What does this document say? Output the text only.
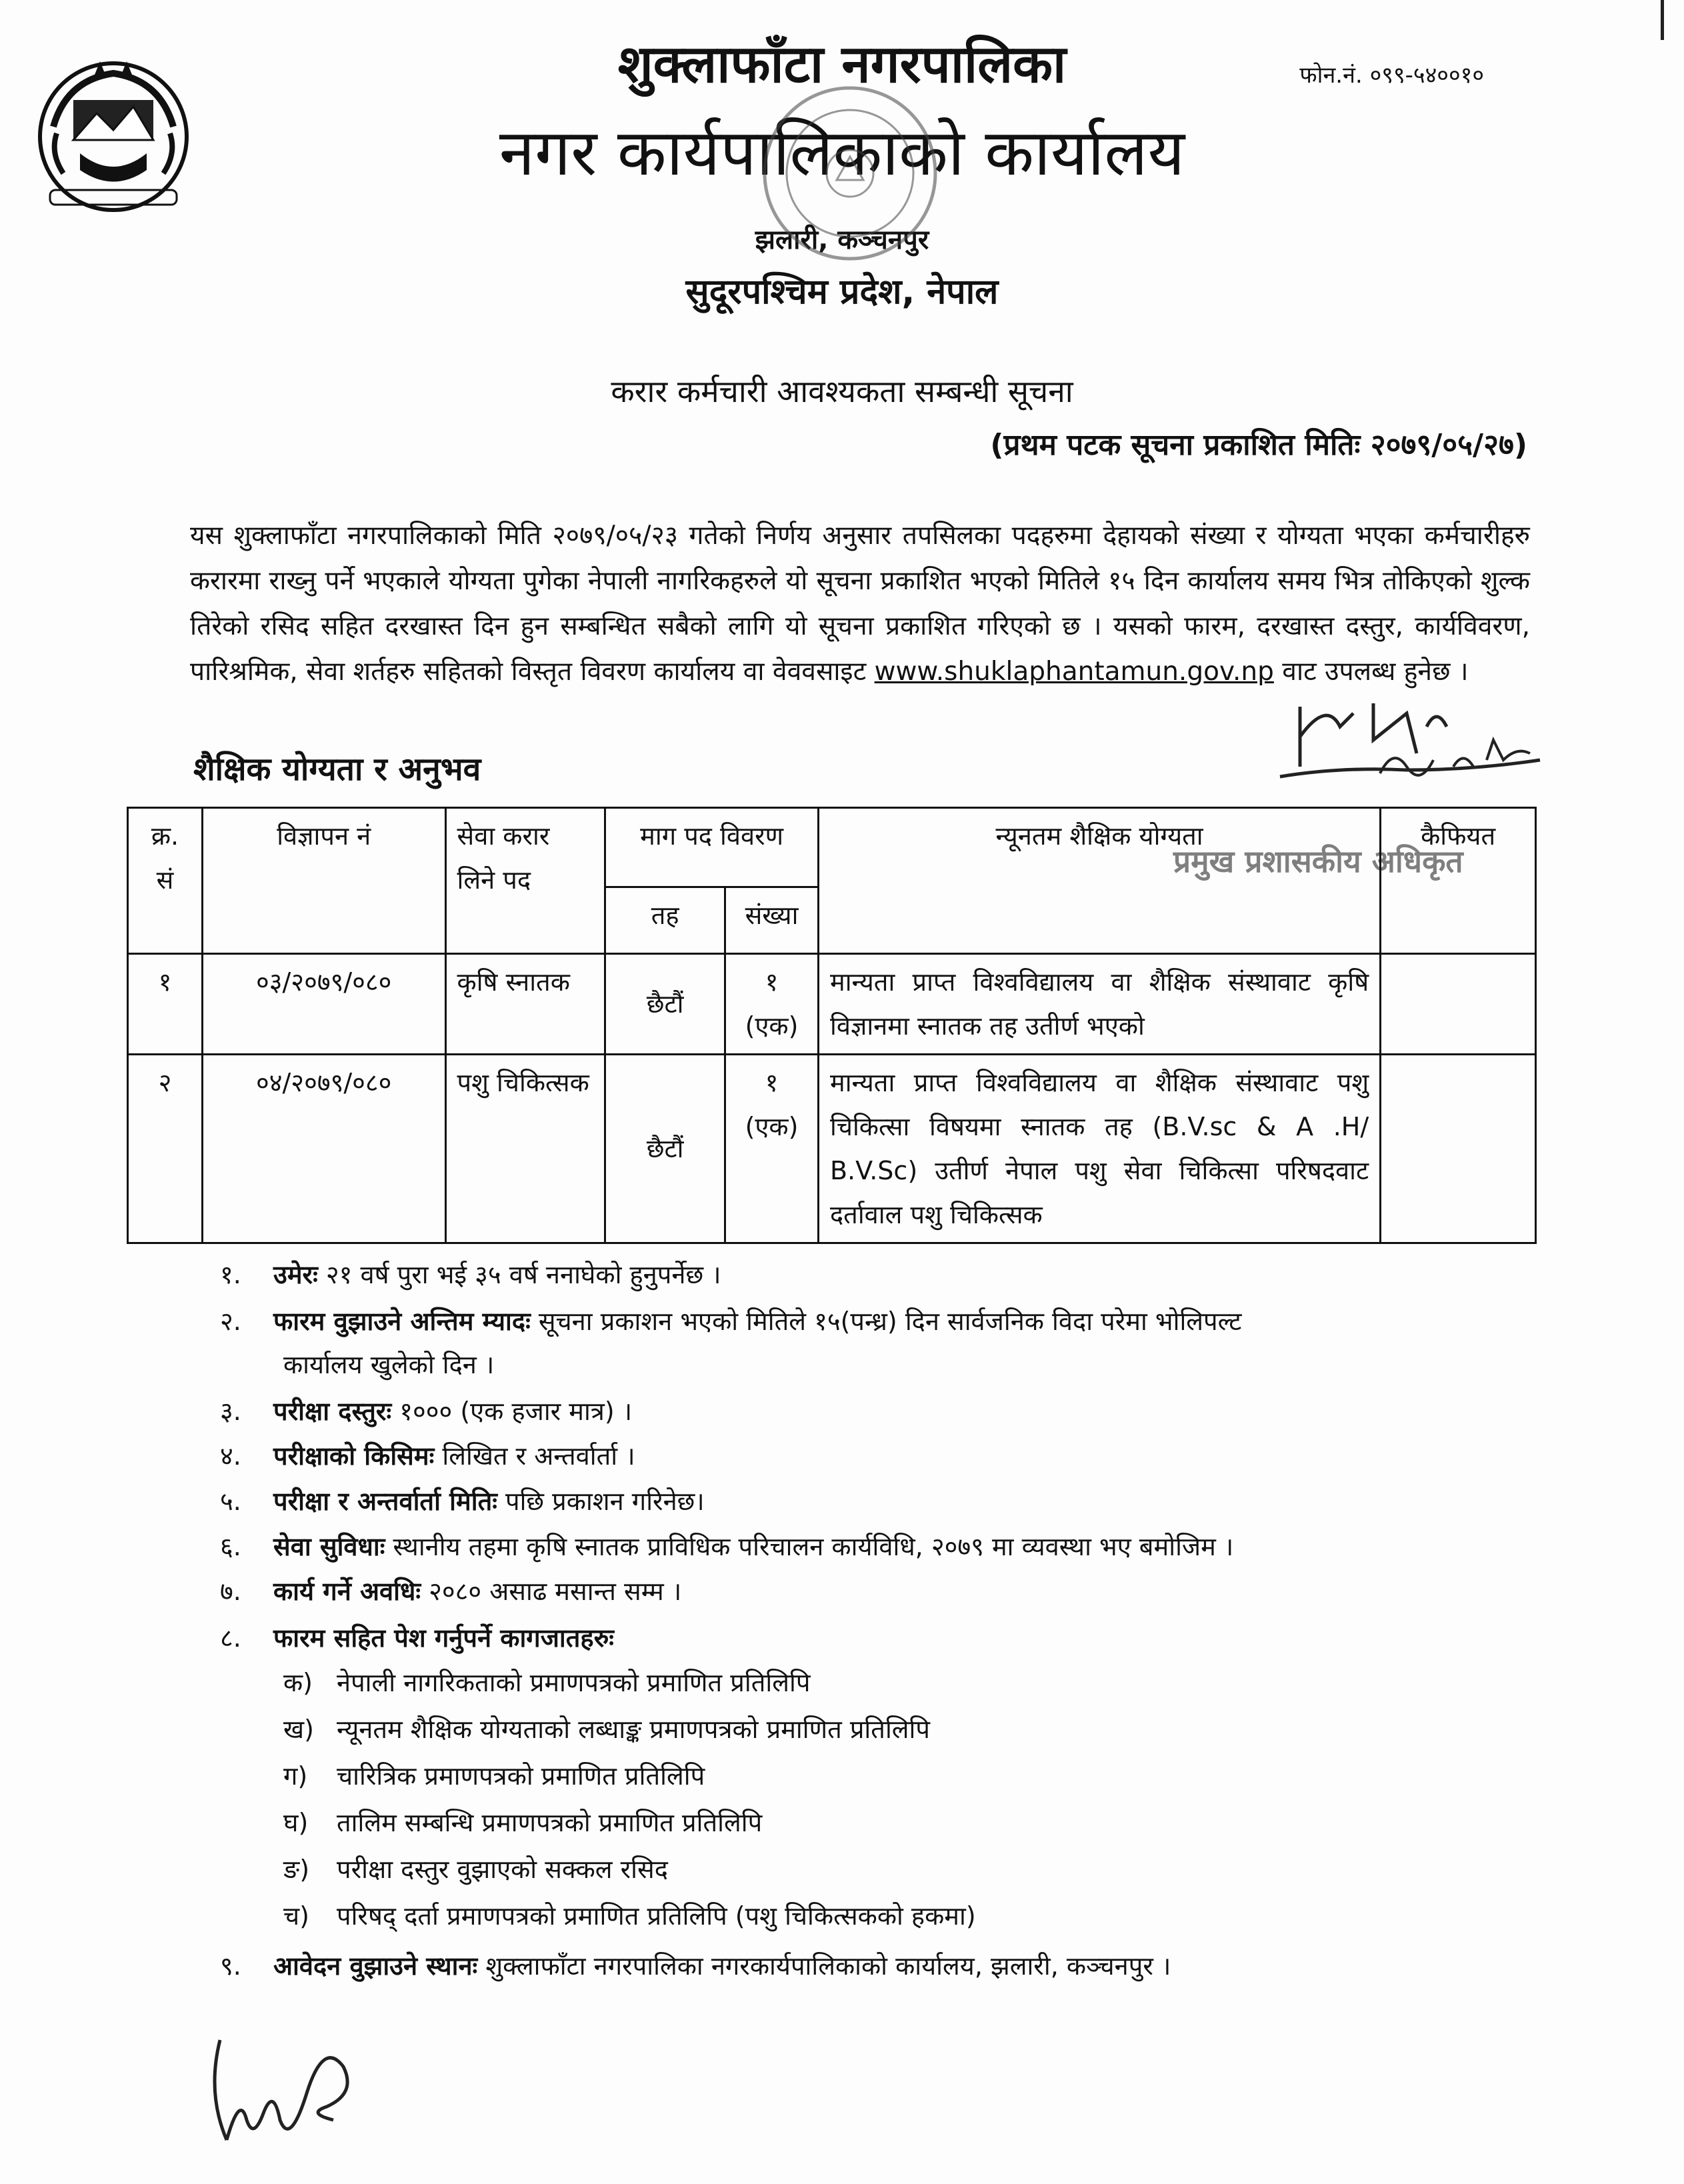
शुक्लाफाँटा नगरपालिका
नगर कार्यपालिकाको कार्यालय
झलारी, कञ्चनपुर
सुदूरपश्चिम प्रदेश, नेपाल
फोन.नं. ०९९-५४००१०
करार कर्मचारी आवश्यकता सम्बन्धी सूचना
(प्रथम पटक सूचना प्रकाशित मितिः २०७९/०५/२७)
यस शुक्लाफाँटा नगरपालिकाको मिति २०७९/०५/२३ गतेको निर्णय अनुसार तपसिलका पदहरुमा देहायको संख्या र योग्यता भएका कर्मचारीहरु करारमा राख्नु पर्ने भएकाले योग्यता पुगेका नेपाली नागरिकहरुले यो सूचना प्रकाशित भएको मितिले १५ दिन कार्यालय समय भित्र तोकिएको शुल्क तिरेको रसिद सहित दरखास्त दिन हुन सम्बन्धित सबैको लागि यो सूचना प्रकाशित गरिएको छ । यसको फारम, दरखास्त दस्तुर, कार्यविवरण, पारिश्रमिक, सेवा शर्तहरु सहितको विस्तृत विवरण कार्यालय वा वेववसाइट www.shuklaphantamun.gov.np वाट उपलब्ध हुनेछ ।
शैक्षिक योग्यता र अनुभव
प्रमुख प्रशासकीय अधिकृत
क्र. सं	विज्ञापन नं	सेवा करार लिने पद	माग पद विवरण		न्यूनतम शैक्षिक योग्यता	कैफियत
			तह	संख्या		
१	०३/२०७९/०८०	कृषि स्नातक	छैटौं	१ (एक)	मान्यता प्राप्त विश्वविद्यालय वा शैक्षिक संस्थावाट कृषि विज्ञानमा स्नातक तह उतीर्ण भएको	
२	०४/२०७९/०८०	पशु चिकित्सक	छैटौं	१ (एक)	मान्यता प्राप्त विश्वविद्यालय वा शैक्षिक संस्थावाट पशु चिकित्सा विषयमा स्नातक तह (B.V.sc & A .H/ B.V.Sc) उतीर्ण नेपाल पशु सेवा चिकित्सा परिषदवाट दर्तावाल पशु चिकित्सक	
१. उमेरः २१ वर्ष पुरा भई ३५ वर्ष ननाघेको हुनुपर्नेछ ।
२. फारम वुझाउने अन्तिम म्यादः सूचना प्रकाशन भएको मितिले १५(पन्ध्र) दिन सार्वजनिक विदा परेमा भोलिपल्ट
कार्यालय खुलेको दिन ।
३. परीक्षा दस्तुरः १००० (एक हजार मात्र) ।
४. परीक्षाको किसिमः लिखित र अन्तर्वार्ता ।
५. परीक्षा र अन्तर्वार्ता मितिः पछि प्रकाशन गरिनेछ।
६. सेवा सुविधाः स्थानीय तहमा कृषि स्नातक प्राविधिक परिचालन कार्यविधि, २०७९ मा व्यवस्था भए बमोजिम ।
७. कार्य गर्ने अवधिः २०८० असाढ मसान्त सम्म ।
८. फारम सहित पेश गर्नुपर्ने कागजातहरुः
क) नेपाली नागरिकताको प्रमाणपत्रको प्रमाणित प्रतिलिपि
ख) न्यूनतम शैक्षिक योग्यताको लब्धाङ्क प्रमाणपत्रको प्रमाणित प्रतिलिपि
ग) चारित्रिक प्रमाणपत्रको प्रमाणित प्रतिलिपि
घ) तालिम सम्बन्धि प्रमाणपत्रको प्रमाणित प्रतिलिपि
ङ) परीक्षा दस्तुर वुझाएको सक्कल रसिद
च) परिषद् दर्ता प्रमाणपत्रको प्रमाणित प्रतिलिपि (पशु चिकित्सकको हकमा)
९. आवेदन वुझाउने स्थानः शुक्लाफाँटा नगरपालिका नगरकार्यपालिकाको कार्यालय, झलारी, कञ्चनपुर ।
